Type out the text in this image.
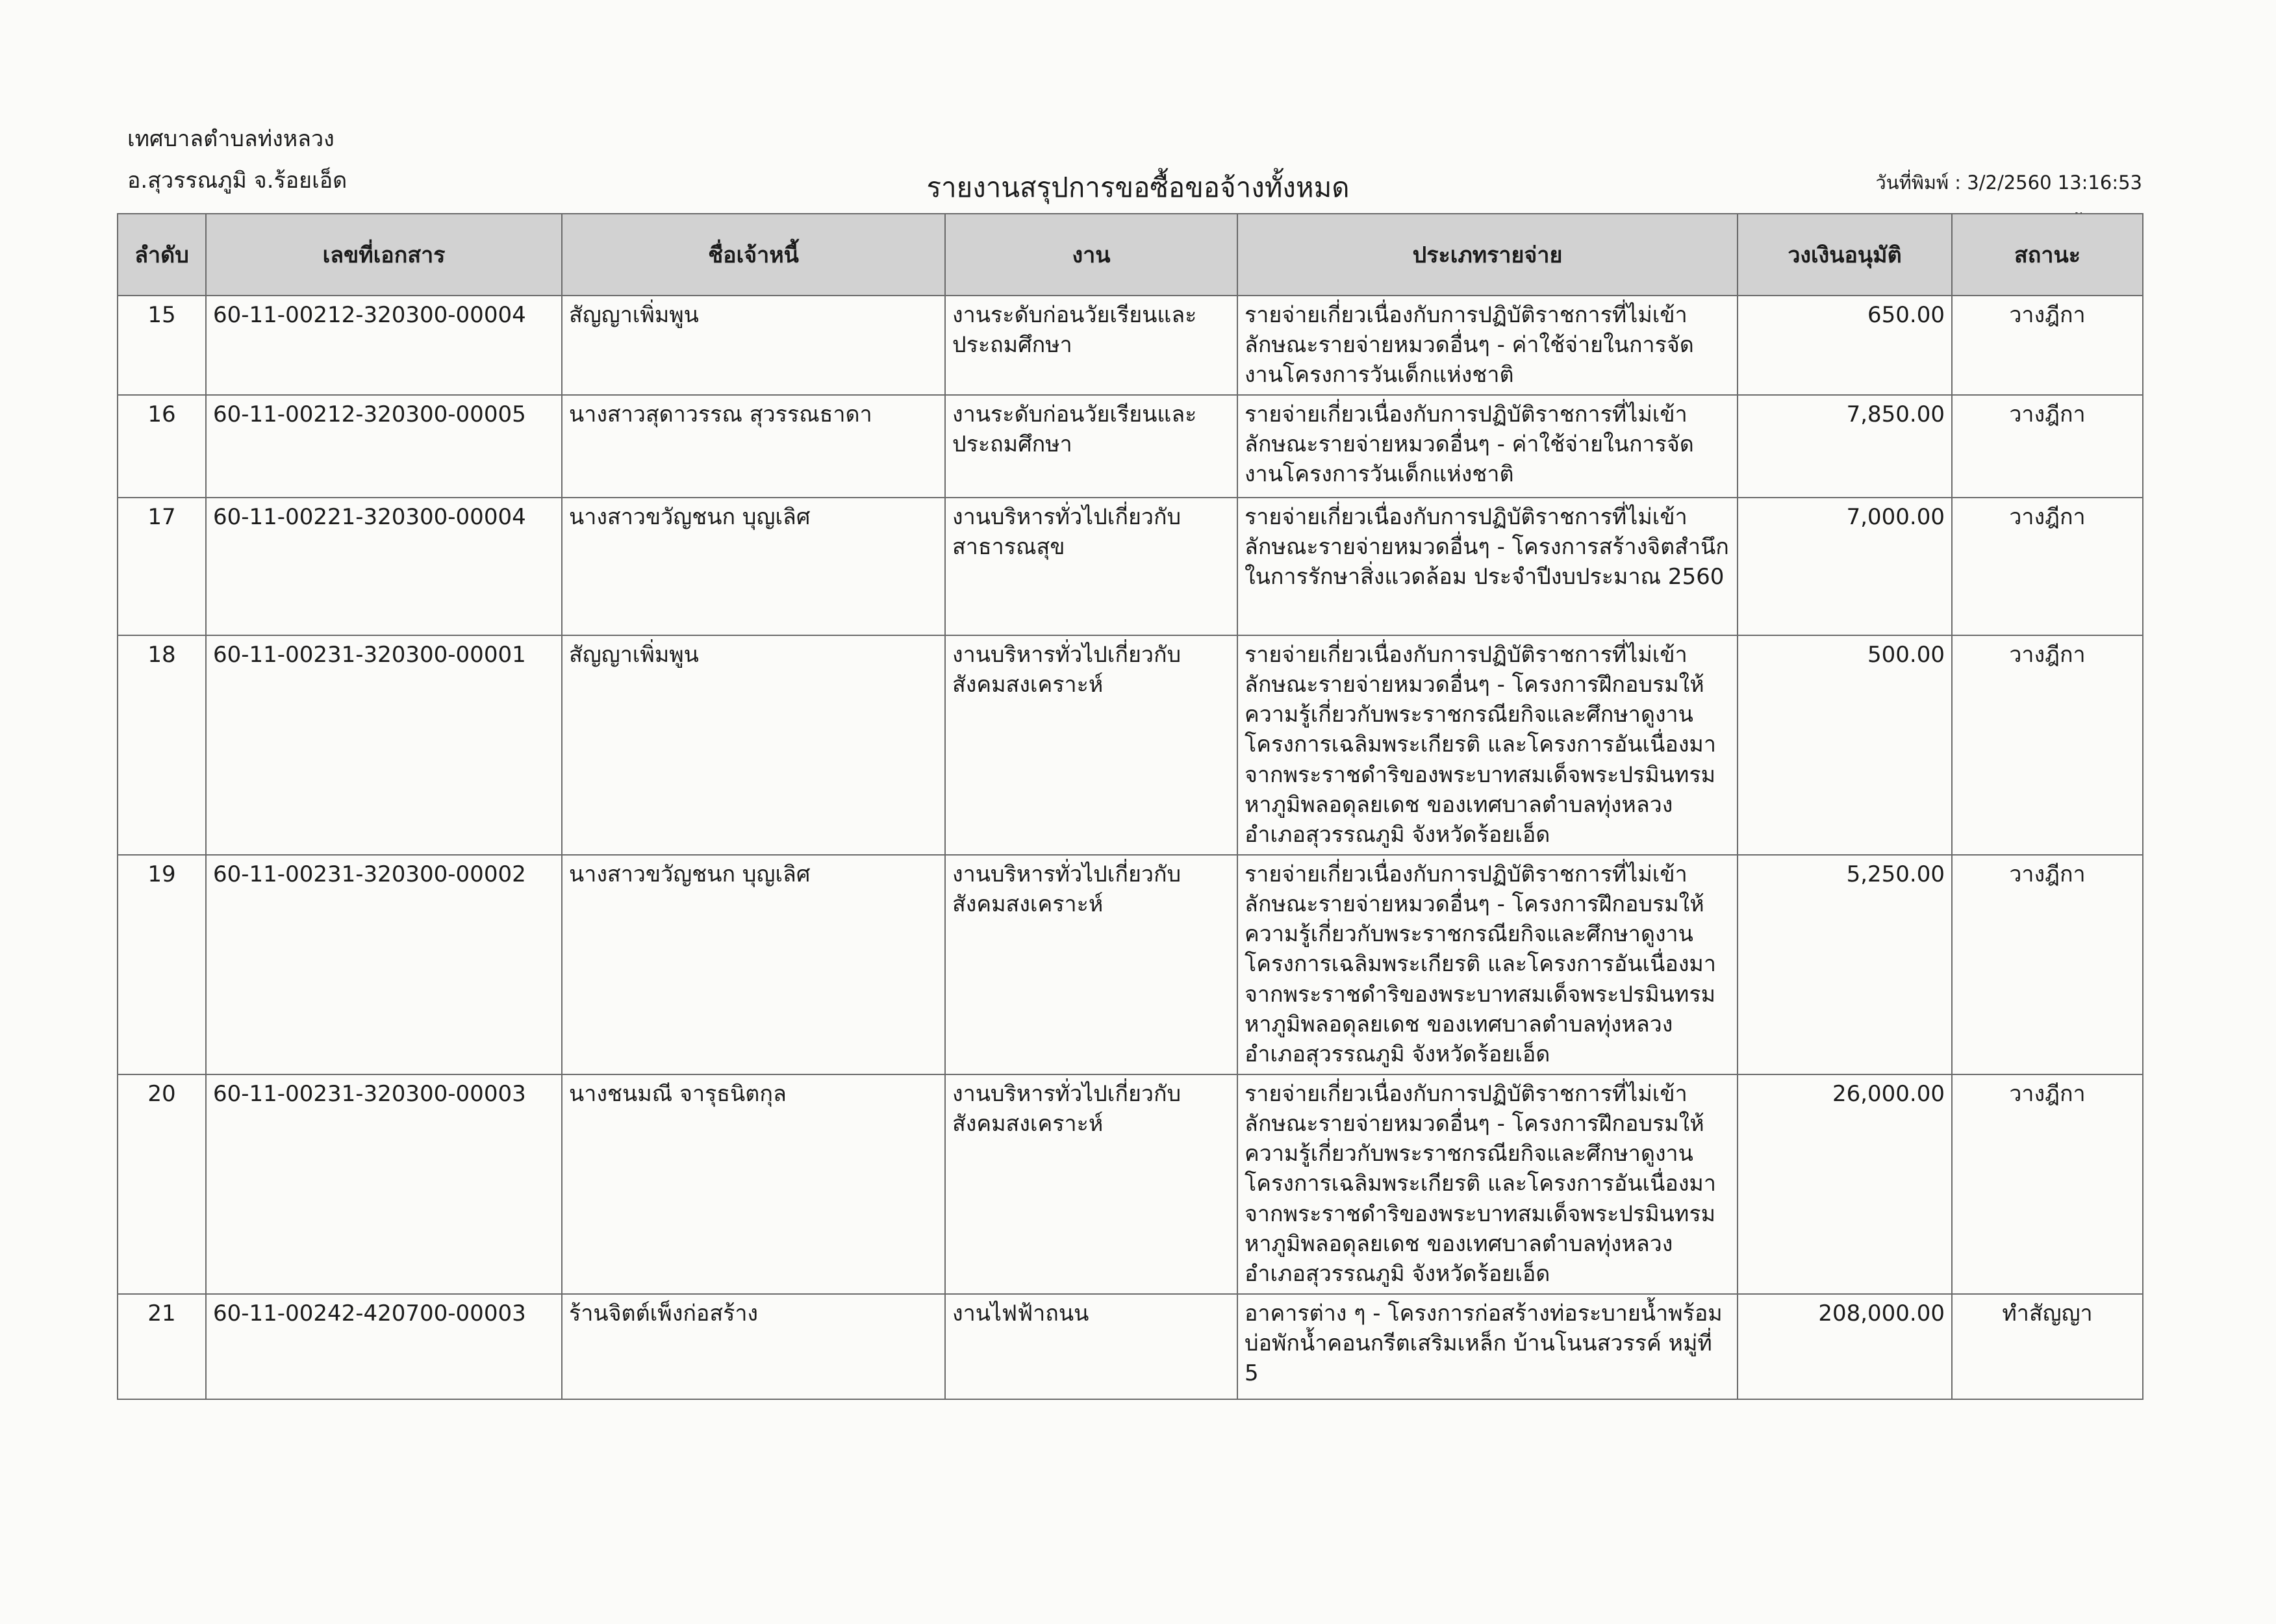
เทศบาลตำบลท่งหลวง
อ.สุวรรณภูมิ จ.ร้อยเอ็ด	รายงานสรุปการขอซื้อขอจ้างทั้งหมด	วันที่พิมพ์ : 3/2/2560 13:16:53
ลำดับ	เลขที่เอกสาร	ชื่อเจ้าหนี้	งาน	ประเภทรายจ่าย	วงเงินอนุมัติ	สถานะ
15	60-11-00212-320300-00004	สัญญาเพิ่มพูน	งานระดับก่อนวัยเรียนและประถมศึกษา	รายจ่ายเกี่ยวเนื่องกับการปฏิบัติราชการที่ไม่เข้าลักษณะรายจ่ายหมวดอื่นๆ - ค่าใช้จ่ายในการจัดงานโครงการวันเด็กแห่งชาติ	650.00	วางฎีกา
16	60-11-00212-320300-00005	นางสาวสุดาวรรณ สุวรรณธาดา	งานระดับก่อนวัยเรียนและประถมศึกษา	รายจ่ายเกี่ยวเนื่องกับการปฏิบัติราชการที่ไม่เข้าลักษณะรายจ่ายหมวดอื่นๆ - ค่าใช้จ่ายในการจัดงานโครงการวันเด็กแห่งชาติ	7,850.00	วางฎีกา
17	60-11-00221-320300-00004	นางสาวขวัญชนก บุญเลิศ	งานบริหารทั่วไปเกี่ยวกับสาธารณสุข	รายจ่ายเกี่ยวเนื่องกับการปฏิบัติราชการที่ไม่เข้าลักษณะรายจ่ายหมวดอื่นๆ - โครงการสร้างจิตสำนึกในการรักษาสิ่งแวดล้อม ประจำปีงบประมาณ 2560	7,000.00	วางฎีกา
18	60-11-00231-320300-00001	สัญญาเพิ่มพูน	งานบริหารทั่วไปเกี่ยวกับสังคมสงเคราะห์	รายจ่ายเกี่ยวเนื่องกับการปฏิบัติราชการที่ไม่เข้าลักษณะรายจ่ายหมวดอื่นๆ - โครงการฝึกอบรมให้ความรู้เกี่ยวกับพระราชกรณียกิจและศึกษาดูงานโครงการเฉลิมพระเกียรติ และโครงการอันเนื่องมาจากพระราชดำริของพระบาทสมเด็จพระปรมินทรมหาภูมิพลอดุลยเดช ของเทศบาลตำบลทุ่งหลวง อำเภอสุวรรณภูมิ จังหวัดร้อยเอ็ด	500.00	วางฎีกา
19	60-11-00231-320300-00002	นางสาวขวัญชนก บุญเลิศ	งานบริหารทั่วไปเกี่ยวกับสังคมสงเคราะห์	รายจ่ายเกี่ยวเนื่องกับการปฏิบัติราชการที่ไม่เข้าลักษณะรายจ่ายหมวดอื่นๆ - โครงการฝึกอบรมให้ความรู้เกี่ยวกับพระราชกรณียกิจและศึกษาดูงานโครงการเฉลิมพระเกียรติ และโครงการอันเนื่องมาจากพระราชดำริของพระบาทสมเด็จพระปรมินทรมหาภูมิพลอดุลยเดช ของเทศบาลตำบลทุ่งหลวง อำเภอสุวรรณภูมิ จังหวัดร้อยเอ็ด	5,250.00	วางฎีกา
20	60-11-00231-320300-00003	นางชนมณี จารุธนิตกุล	งานบริหารทั่วไปเกี่ยวกับสังคมสงเคราะห์	รายจ่ายเกี่ยวเนื่องกับการปฏิบัติราชการที่ไม่เข้าลักษณะรายจ่ายหมวดอื่นๆ - โครงการฝึกอบรมให้ความรู้เกี่ยวกับพระราชกรณียกิจและศึกษาดูงานโครงการเฉลิมพระเกียรติ และโครงการอันเนื่องมาจากพระราชดำริของพระบาทสมเด็จพระปรมินทรมหาภูมิพลอดุลยเดช ของเทศบาลตำบลทุ่งหลวง อำเภอสุวรรณภูมิ จังหวัดร้อยเอ็ด	26,000.00	วางฎีกา
21	60-11-00242-420700-00003	ร้านจิตต์เพ็งก่อสร้าง	งานไฟฟ้าถนน	อาคารต่าง ๆ - โครงการก่อสร้างท่อระบายน้ำพร้อมบ่อพักน้ำคอนกรีตเสริมเหล็ก บ้านโนนสวรรค์ หมู่ที่ 5	208,000.00	ทำสัญญา
